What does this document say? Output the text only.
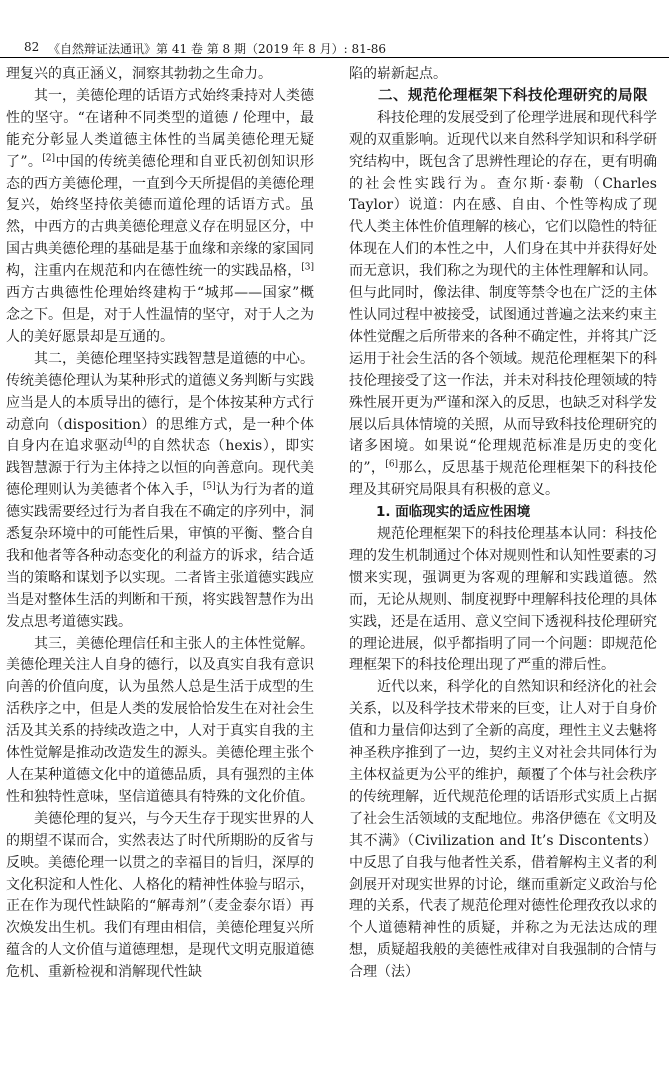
82 《自然辩证法通讯》第 41 卷 第 8 期（2019 年 8 月）: 81-86

理复兴的真正涵义，洞察其勃勃之生命力。

其一，美德伦理的话语方式始终秉持对人类德性的坚守。“在诸种不同类型的道德 / 伦理中，最能充分彰显人类道德主体性的当属美德伦理无疑了”。[2]中国的传统美德伦理和自亚氏初创知识形态的西方美德伦理，一直到今天所提倡的美德伦理复兴，始终坚持依美德而道伦理的话语方式。虽然，中西方的古典美德伦理意义存在明显区分，中国古典美德伦理的基础是基于血缘和亲缘的家国同构，注重内在规范和内在德性统一的实践品格，[3]西方古典德性伦理始终建构于“城邦——国家”概念之下。但是，对于人性温情的坚守，对于人之为人的美好愿景却是互通的。

其二，美德伦理坚持实践智慧是道德的中心。传统美德伦理认为某种形式的道德义务判断与实践应当是人的本质导出的德行，是个体按某种方式行动意向（disposition）的思维方式，是一种个体自身内在追求驱动[4]的自然状态（hexis），即实践智慧源于行为主体持之以恒的向善意向。现代美德伦理则认为美德者个体入手，[5]认为行为者的道德实践需要经过行为者自我在不确定的序列中，洞悉复杂环境中的可能性后果，审慎的平衡、整合自我和他者等各种动态变化的利益方的诉求，结合适当的策略和谋划予以实现。二者皆主张道德实践应当是对整体生活的判断和干预，将实践智慧作为出发点思考道德实践。

其三，美德伦理信任和主张人的主体性觉解。美德伦理关注人自身的德行，以及真实自我有意识向善的价值向度，认为虽然人总是生活于成型的生活秩序之中，但是人类的发展恰恰发生在对社会生活及其关系的持续改造之中，人对于真实自我的主体性觉解是推动改造发生的源头。美德伦理主张个人在某种道德文化中的道德品质，具有强烈的主体性和独特性意味，坚信道德具有特殊的文化价值。

美德伦理的复兴，与今天生存于现实世界的人的期望不谋而合，实然表达了时代所期盼的反省与反映。美德伦理一以贯之的幸福目的旨归，深厚的文化积淀和人性化、人格化的精神性体验与昭示，正在作为现代性缺陷的“解毒剂”（麦金泰尔语）再次焕发出生机。我们有理由相信，美德伦理复兴所蕴含的人文价值与道德理想，是现代文明克服道德危机、重新检视和消解现代性缺

陷的崭新起点。

二、规范伦理框架下科技伦理研究的局限

科技伦理的发展受到了伦理学进展和现代科学观的双重影响。近现代以来自然科学知识和科学研究结构中，既包含了思辨性理论的存在，更有明确的社会性实践行为。查尔斯·泰勒（Charles Taylor）说道：内在感、自由、个性等构成了现代人类主体性价值理解的核心，它们以隐性的特征体现在人们的本性之中，人们身在其中并获得好处而无意识，我们称之为现代的主体性理解和认同。但与此同时，像法律、制度等禁令也在广泛的主体性认同过程中被接受，试图通过普遍之法来约束主体性觉醒之后所带来的各种不确定性，并将其广泛运用于社会生活的各个领域。规范伦理框架下的科技伦理接受了这一作法，并未对科技伦理领域的特殊性展开更为严谨和深入的反思，也缺乏对科学发展以后具体情境的关照，从而导致科技伦理研究的诸多困境。如果说“伦理规范标准是历史的变化的”，[6]那么，反思基于规范伦理框架下的科技伦理及其研究局限具有积极的意义。

1. 面临现实的适应性困境

规范伦理框架下的科技伦理基本认同：科技伦理的发生机制通过个体对规则性和认知性要素的习惯来实现，强调更为客观的理解和实践道德。然而，无论从规则、制度视野中理解科技伦理的具体实践，还是在适用、意义空间下透视科技伦理研究的理论进展，似乎都指明了同一个问题：即规范伦理框架下的科技伦理出现了严重的滞后性。

近代以来，科学化的自然知识和经济化的社会关系，以及科学技术带来的巨变，让人对于自身价值和力量信仰达到了全新的高度，理性主义去魅将神圣秩序推到了一边，契约主义对社会共同体行为主体权益更为公平的维护，颠覆了个体与社会秩序的传统理解，近代规范伦理的话语形式实质上占据了社会生活领域的支配地位。弗洛伊德在《文明及其不满》（Civilization and It’s Discontents）中反思了自我与他者性关系，借着解构主义者的利剑展开对现实世界的讨论，继而重新定义政治与伦理的关系，代表了规范伦理对德性伦理孜孜以求的个人道德精神性的质疑，并称之为无法达成的理想，质疑超我般的美德性戒律对自我强制的合情与合理（法）
